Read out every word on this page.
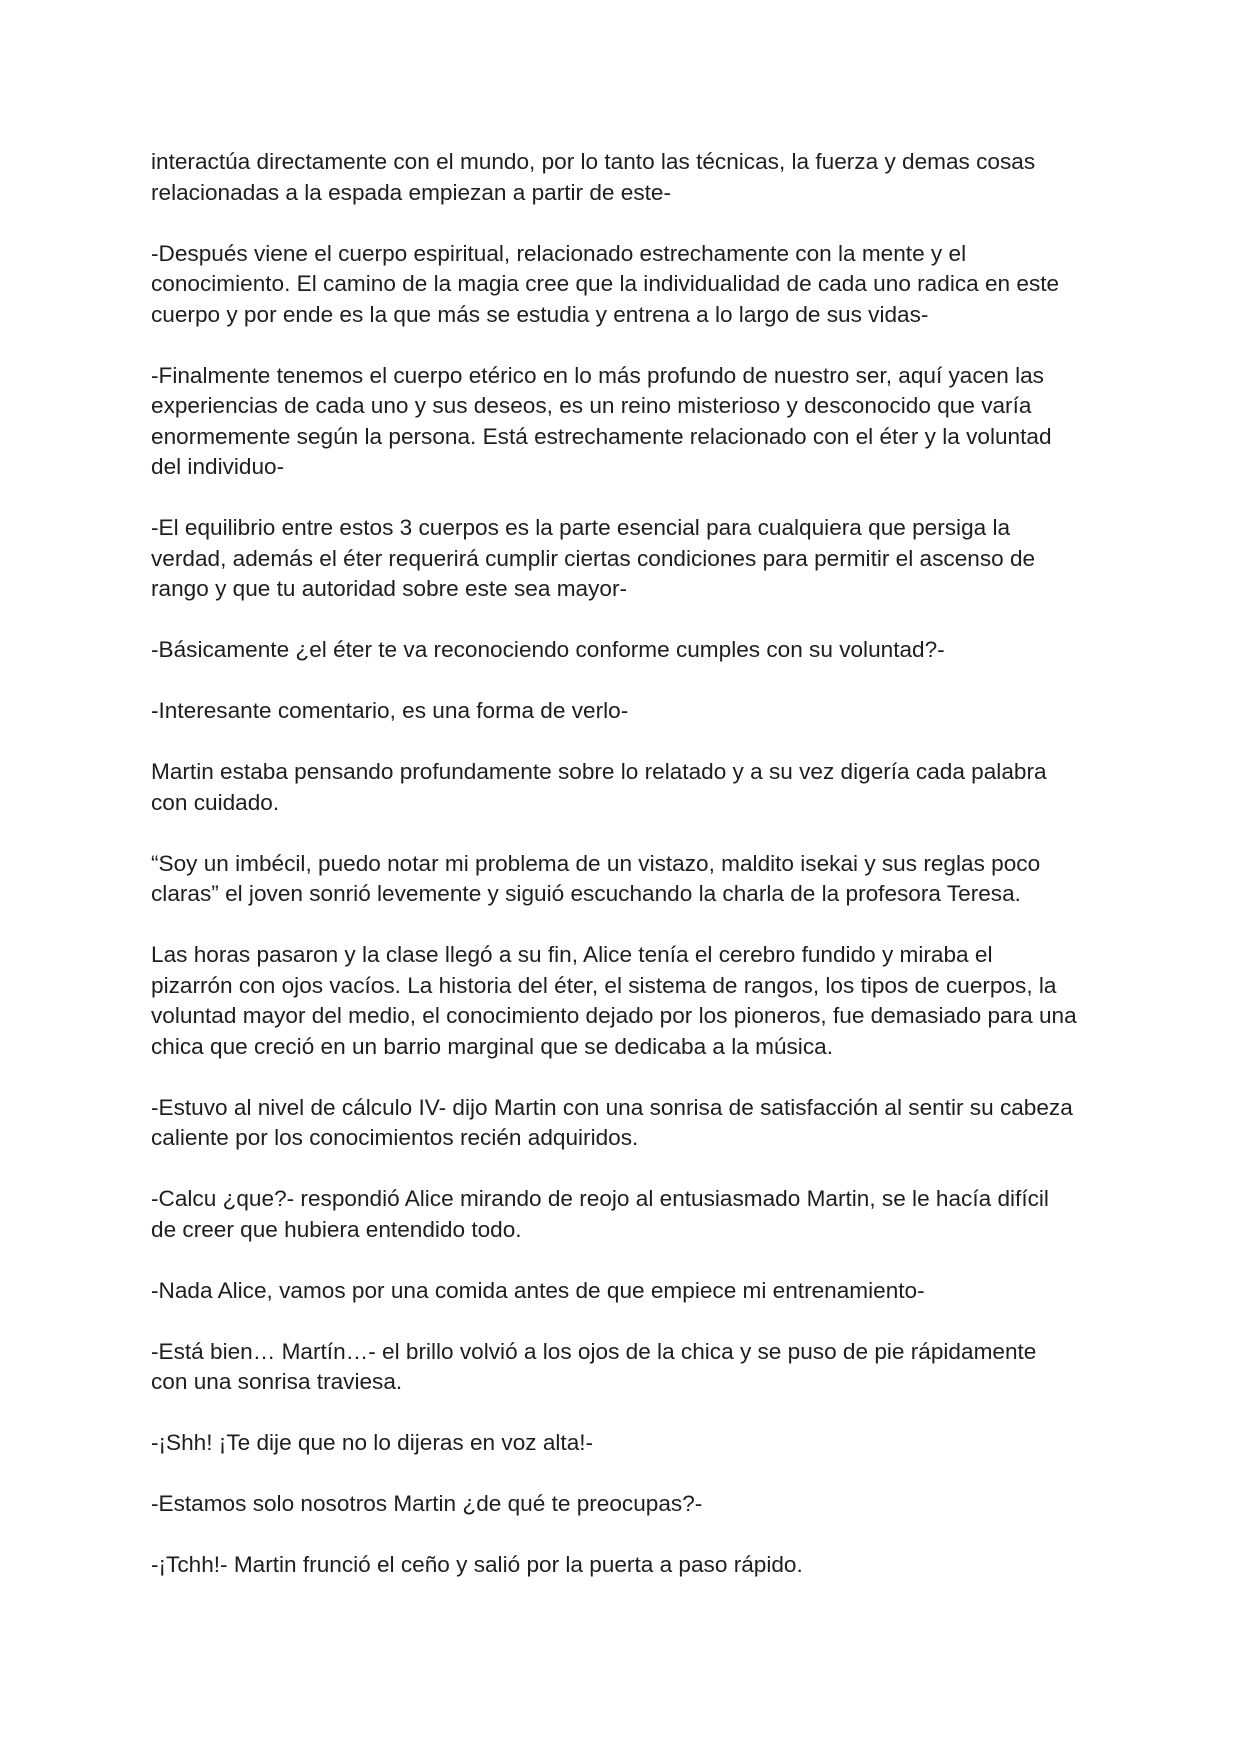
interactúa directamente con el mundo, por lo tanto las técnicas, la fuerza y demas cosas
relacionadas a la espada empiezan a partir de este-

-Después viene el cuerpo espiritual, relacionado estrechamente con la mente y el
conocimiento. El camino de la magia cree que la individualidad de cada uno radica en este
cuerpo y por ende es la que más se estudia y entrena a lo largo de sus vidas-

-Finalmente tenemos el cuerpo etérico en lo más profundo de nuestro ser, aquí yacen las
experiencias de cada uno y sus deseos, es un reino misterioso y desconocido que varía
enormemente según la persona. Está estrechamente relacionado con el éter y la voluntad
del individuo-

-El equilibrio entre estos 3 cuerpos es la parte esencial para cualquiera que persiga la
verdad, además el éter requerirá cumplir ciertas condiciones para permitir el ascenso de
rango y que tu autoridad sobre este sea mayor-

-Básicamente ¿el éter te va reconociendo conforme cumples con su voluntad?-

-Interesante comentario, es una forma de verlo-

Martin estaba pensando profundamente sobre lo relatado y a su vez digería cada palabra
con cuidado.

“Soy un imbécil, puedo notar mi problema de un vistazo, maldito isekai y sus reglas poco
claras” el joven sonrió levemente y siguió escuchando la charla de la profesora Teresa.

Las horas pasaron y la clase llegó a su fin, Alice tenía el cerebro fundido y miraba el
pizarrón con ojos vacíos. La historia del éter, el sistema de rangos, los tipos de cuerpos, la
voluntad mayor del medio, el conocimiento dejado por los pioneros, fue demasiado para una
chica que creció en un barrio marginal que se dedicaba a la música.

-Estuvo al nivel de cálculo IV- dijo Martin con una sonrisa de satisfacción al sentir su cabeza
caliente por los conocimientos recién adquiridos.

-Calcu ¿que?- respondió Alice mirando de reojo al entusiasmado Martin, se le hacía difícil
de creer que hubiera entendido todo.

-Nada Alice, vamos por una comida antes de que empiece mi entrenamiento-

-Está bien… Martín…- el brillo volvió a los ojos de la chica y se puso de pie rápidamente
con una sonrisa traviesa.

-¡Shh! ¡Te dije que no lo dijeras en voz alta!-

-Estamos solo nosotros Martin ¿de qué te preocupas?-

-¡Tchh!- Martin frunció el ceño y salió por la puerta a paso rápido.
